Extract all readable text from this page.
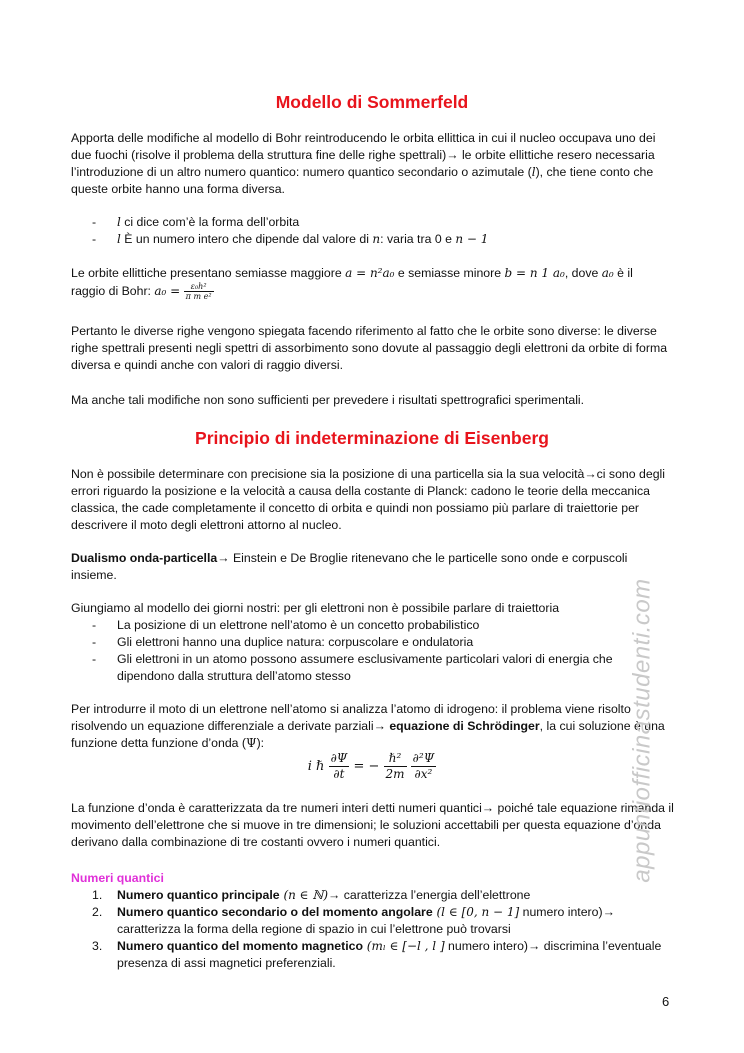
Modello di Sommerfeld

Apporta delle modifiche al modello di Bohr reintroducendo le orbita ellittica in cui il nucleo occupava uno dei due fuochi (risolve il problema della struttura fine delle righe spettrali)→ le orbite ellittiche resero necessaria l’introduzione di un altro numero quantico: numero quantico secondario o azimutale (l), che tiene conto che queste orbite hanno una forma diversa.

- l ci dice com’è la forma dell’orbita
- l È un numero intero che dipende dal valore di n: varia tra 0 e n − 1

Le orbite ellittiche presentano semiasse maggiore a = n²a₀ e semiasse minore b = n 1 a₀, dove a₀ è il
raggio di Bohr: $a_0 = \frac{\text{ε₀h²}}{\text{π m e²}}$

Pertanto le diverse righe vengono spiegata facendo riferimento al fatto che le orbite sono diverse: le diverse righe spettrali presenti negli spettri di assorbimento sono dovute al passaggio degli elettroni da orbite di forma diversa e quindi anche con valori di raggio diversi.

Ma anche tali modifiche non sono sufficienti per prevedere i risultati spettrografici sperimentali.

Principio di indeterminazione di Eisenberg

Non è possibile determinare con precisione sia la posizione di una particella sia la sua velocità→ci sono degli errori riguardo la posizione e la velocità a causa della costante di Planck: cadono le teorie della meccanica classica, the cade completamente il concetto di orbita e quindi non possiamo più parlare di traiettorie per descrivere il moto degli elettroni attorno al nucleo.

Dualismo onda-particella→ Einstein e De Broglie ritenevano che le particelle sono onde e corpuscoli insieme.

Giungiamo al modello dei giorni nostri: per gli elettroni non è possibile parlare di traiettoria

- La posizione di un elettrone nell’atomo è un concetto probabilistico
- Gli elettroni hanno una duplice natura: corpuscolare e ondulatoria
- Gli elettroni in un atomo possono assumere esclusivamente particolari valori di energia che dipendono dalla struttura dell’atomo stesso

Per introdurre il moto di un elettrone nell’atomo si analizza l’atomo di idrogeno: il problema viene risolto risolvendo un equazione differenziale a derivate parziali→ equazione di Schrödinger, la cui soluzione è una funzione detta funzione d’onda (Ψ):

i ℏ $\frac{\partial\Psi}{\partial t}$ = − $\frac{\text{ℏ²}}{2m}$
$\frac{\text{∂²Ψ}}{\text{∂x²}}$

La funzione d’onda è caratterizzata da tre numeri interi detti numeri quantici→ poiché tale equazione rimanda il movimento dell’elettrone che si muove in tre dimensioni; le soluzioni accettabili per questa equazione d’onda derivano dalla combinazione di tre costanti ovvero i numeri quantici.

Numeri quantici

1. Numero quantico principale (n ∈ ℕ)→ caratterizza l’energia dell’elettrone
2. Numero quantico secondario o del momento angolare (l ∈ [0, n − 1] numero intero)→ caratterizza la forma della regione di spazio in cui l’elettrone può trovarsi
3. Numero quantico del momento magnetico (mₗ ∈ [−l , l ] numero intero)→ discrimina l’eventuale presenza di assi magnetici preferenziali.
appuntiofficinastudenti.com
6
